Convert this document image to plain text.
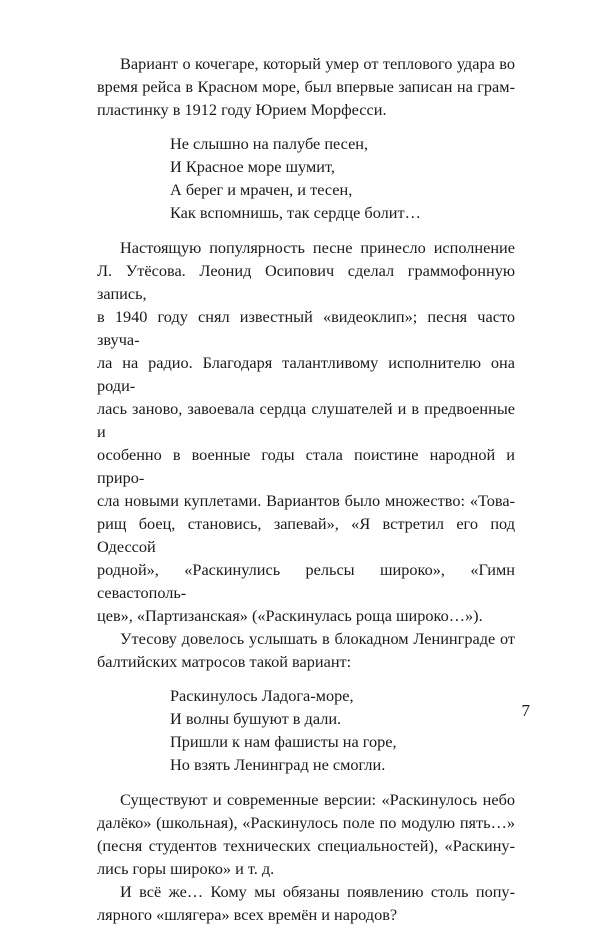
Вариант о кочегаре, который умер от теплового удара во
время рейса в Красном море, был впервые записан на грам-
пластинку в 1912 году Юрием Морфесси.

Не слышно на палубе песен,
И Красное море шумит,
А берег и мрачен, и тесен,
Как вспомнишь, так сердце болит…

Настоящую популярность песне принесло исполнение
Л. Утёсова. Леонид Осипович сделал граммофонную запись,
в 1940 году снял известный «видеоклип»; песня часто звуча-
ла на радио. Благодаря талантливому исполнителю она роди-
лась заново, завоевала сердца слушателей и в предвоенные и
особенно в военные годы стала поистине народной и приро-
сла новыми куплетами. Вариантов было множество: «Това-
рищ боец, становись, запевай», «Я встретил его под Одессой
родной», «Раскинулись рельсы широко», «Гимн севастополь-
цев», «Партизанская» («Раскинулась роща широко…»).

Утесову довелось услышать в блокадном Ленинграде от
балтийских матросов такой вариант:

Раскинулось Ладога-море,
И волны бушуют в дали.
Пришли к нам фашисты на горе,
Но взять Ленинград не смогли.

Существуют и современные версии: «Раскинулось небо
далёко» (школьная), «Раскинулось поле по модулю пять…»
(песня студентов технических специальностей), «Раскину-
лись горы широко» и т. д.

И всё же… Кому мы обязаны появлению столь попу-
лярного «шлягера» всех времён и народов?

7
